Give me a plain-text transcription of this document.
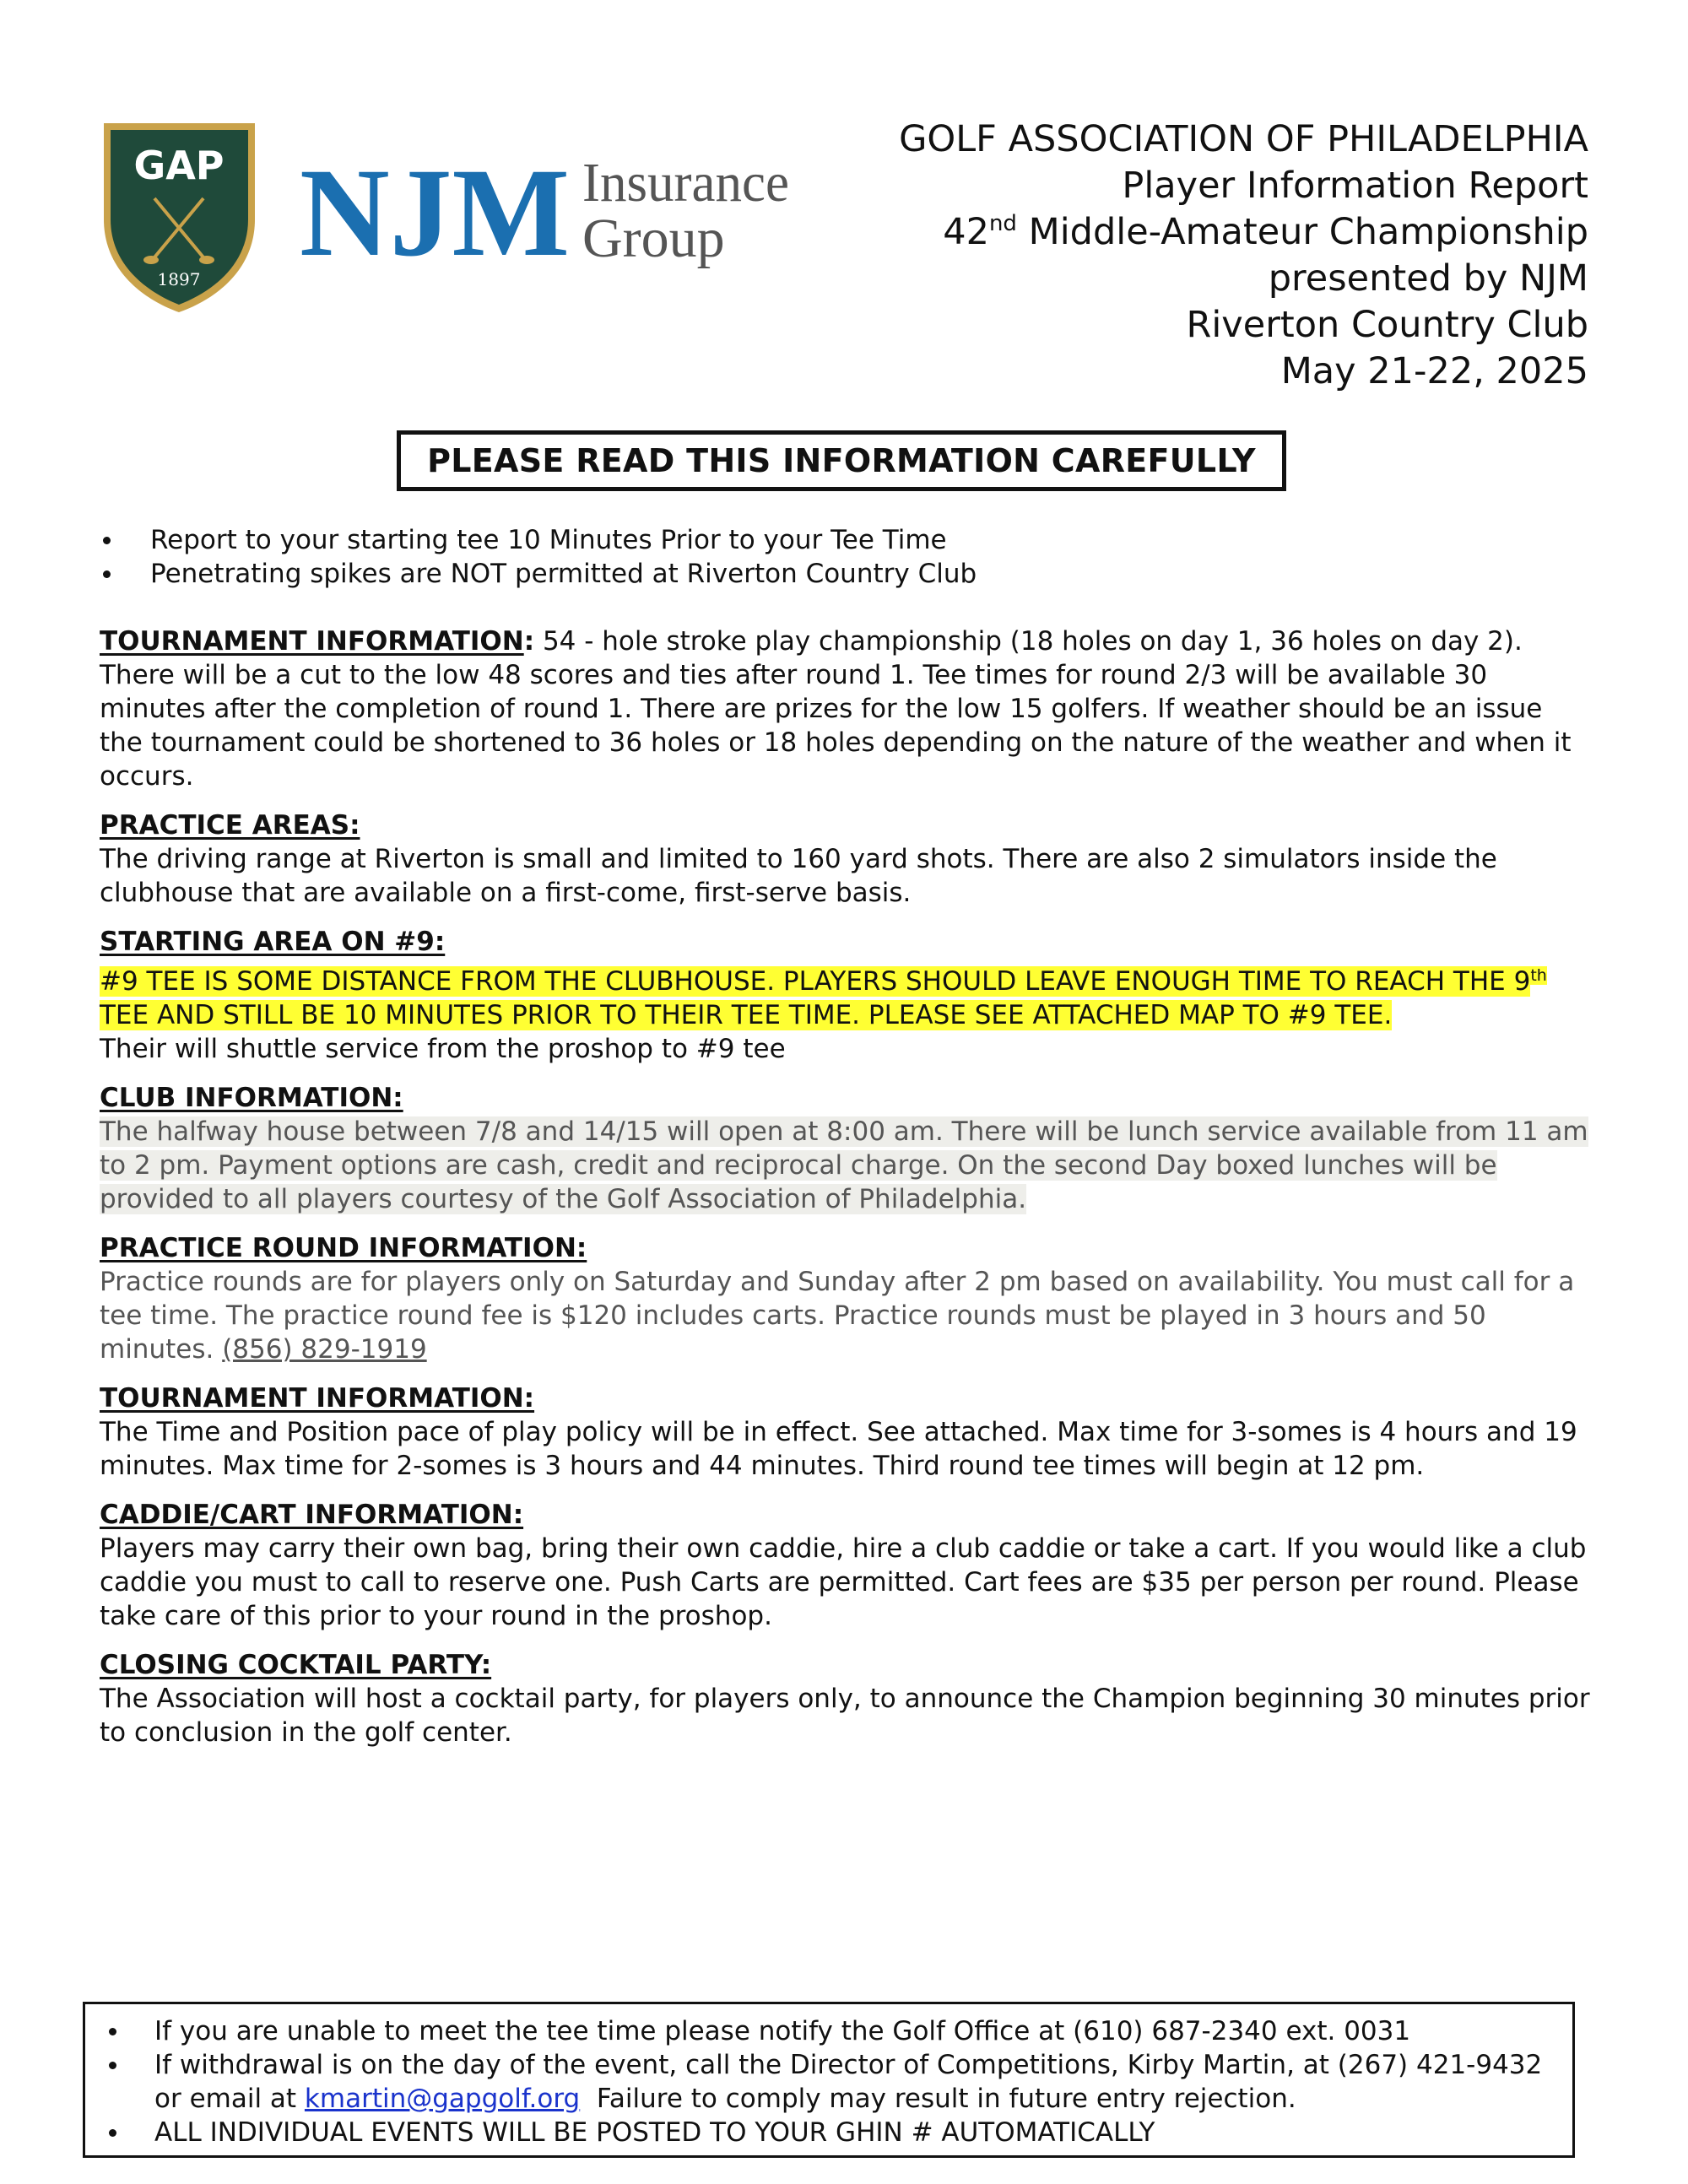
GAP
1897 NJM Insurance
Group
GOLF ASSOCIATION OF PHILADELPHIA
Player Information Report
42nd Middle-Amateur Championship
presented by NJM
Riverton Country Club
May 21-22, 2025
PLEASE READ THIS INFORMATION CAREFULLY
Report to your starting tee 10 Minutes Prior to your Tee Time
Penetrating spikes are NOT permitted at Riverton Country Club

TOURNAMENT INFORMATION: 54 - hole stroke play championship (18 holes on day 1, 36 holes on day 2). There will be a cut to the low 48 scores and ties after round 1. Tee times for round 2/3 will be available 30 minutes after the completion of round 1. There are prizes for the low 15 golfers. If weather should be an issue the tournament could be shortened to 36 holes or 18 holes depending on the nature of the weather and when it occurs.

PRACTICE AREAS:

The driving range at Riverton is small and limited to 160 yard shots. There are also 2 simulators inside the clubhouse that are available on a first-come, first-serve basis.

STARTING AREA ON #9:

#9 TEE IS SOME DISTANCE FROM THE CLUBHOUSE. PLAYERS SHOULD LEAVE ENOUGH TIME TO REACH THE 9th TEE AND STILL BE 10 MINUTES PRIOR TO THEIR TEE TIME. PLEASE SEE ATTACHED MAP TO #9 TEE.

Their will shuttle service from the proshop to #9 tee

CLUB INFORMATION:

The halfway house between 7/8 and 14/15 will open at 8:00 am. There will be lunch service available from 11 am to 2 pm. Payment options are cash, credit and reciprocal charge. On the second Day boxed lunches will be provided to all players courtesy of the Golf Association of Philadelphia.

PRACTICE ROUND INFORMATION:

Practice rounds are for players only on Saturday and Sunday after 2 pm based on availability. You must call for a tee time. The practice round fee is $120 includes carts. Practice rounds must be played in 3 hours and 50 minutes. (856) 829-1919

TOURNAMENT INFORMATION:

The Time and Position pace of play policy will be in effect. See attached. Max time for 3-somes is 4 hours and 19 minutes. Max time for 2-somes is 3 hours and 44 minutes. Third round tee times will begin at 12 pm.

CADDIE/CART INFORMATION:

Players may carry their own bag, bring their own caddie, hire a club caddie or take a cart. If you would like a club caddie you must to call to reserve one. Push Carts are permitted. Cart fees are $35 per person per round. Please take care of this prior to your round in the proshop.

CLOSING COCKTAIL PARTY:

The Association will host a cocktail party, for players only, to announce the Champion beginning 30 minutes prior to conclusion in the golf center.

If you are unable to meet the tee time please notify the Golf Office at (610) 687-2340 ext. 0031
If withdrawal is on the day of the event, call the Director of Competitions, Kirby Martin, at (267) 421-9432 or email at kmartin@gapgolf.org  Failure to comply may result in future entry rejection.
ALL INDIVIDUAL EVENTS WILL BE POSTED TO YOUR GHIN # AUTOMATICALLY
